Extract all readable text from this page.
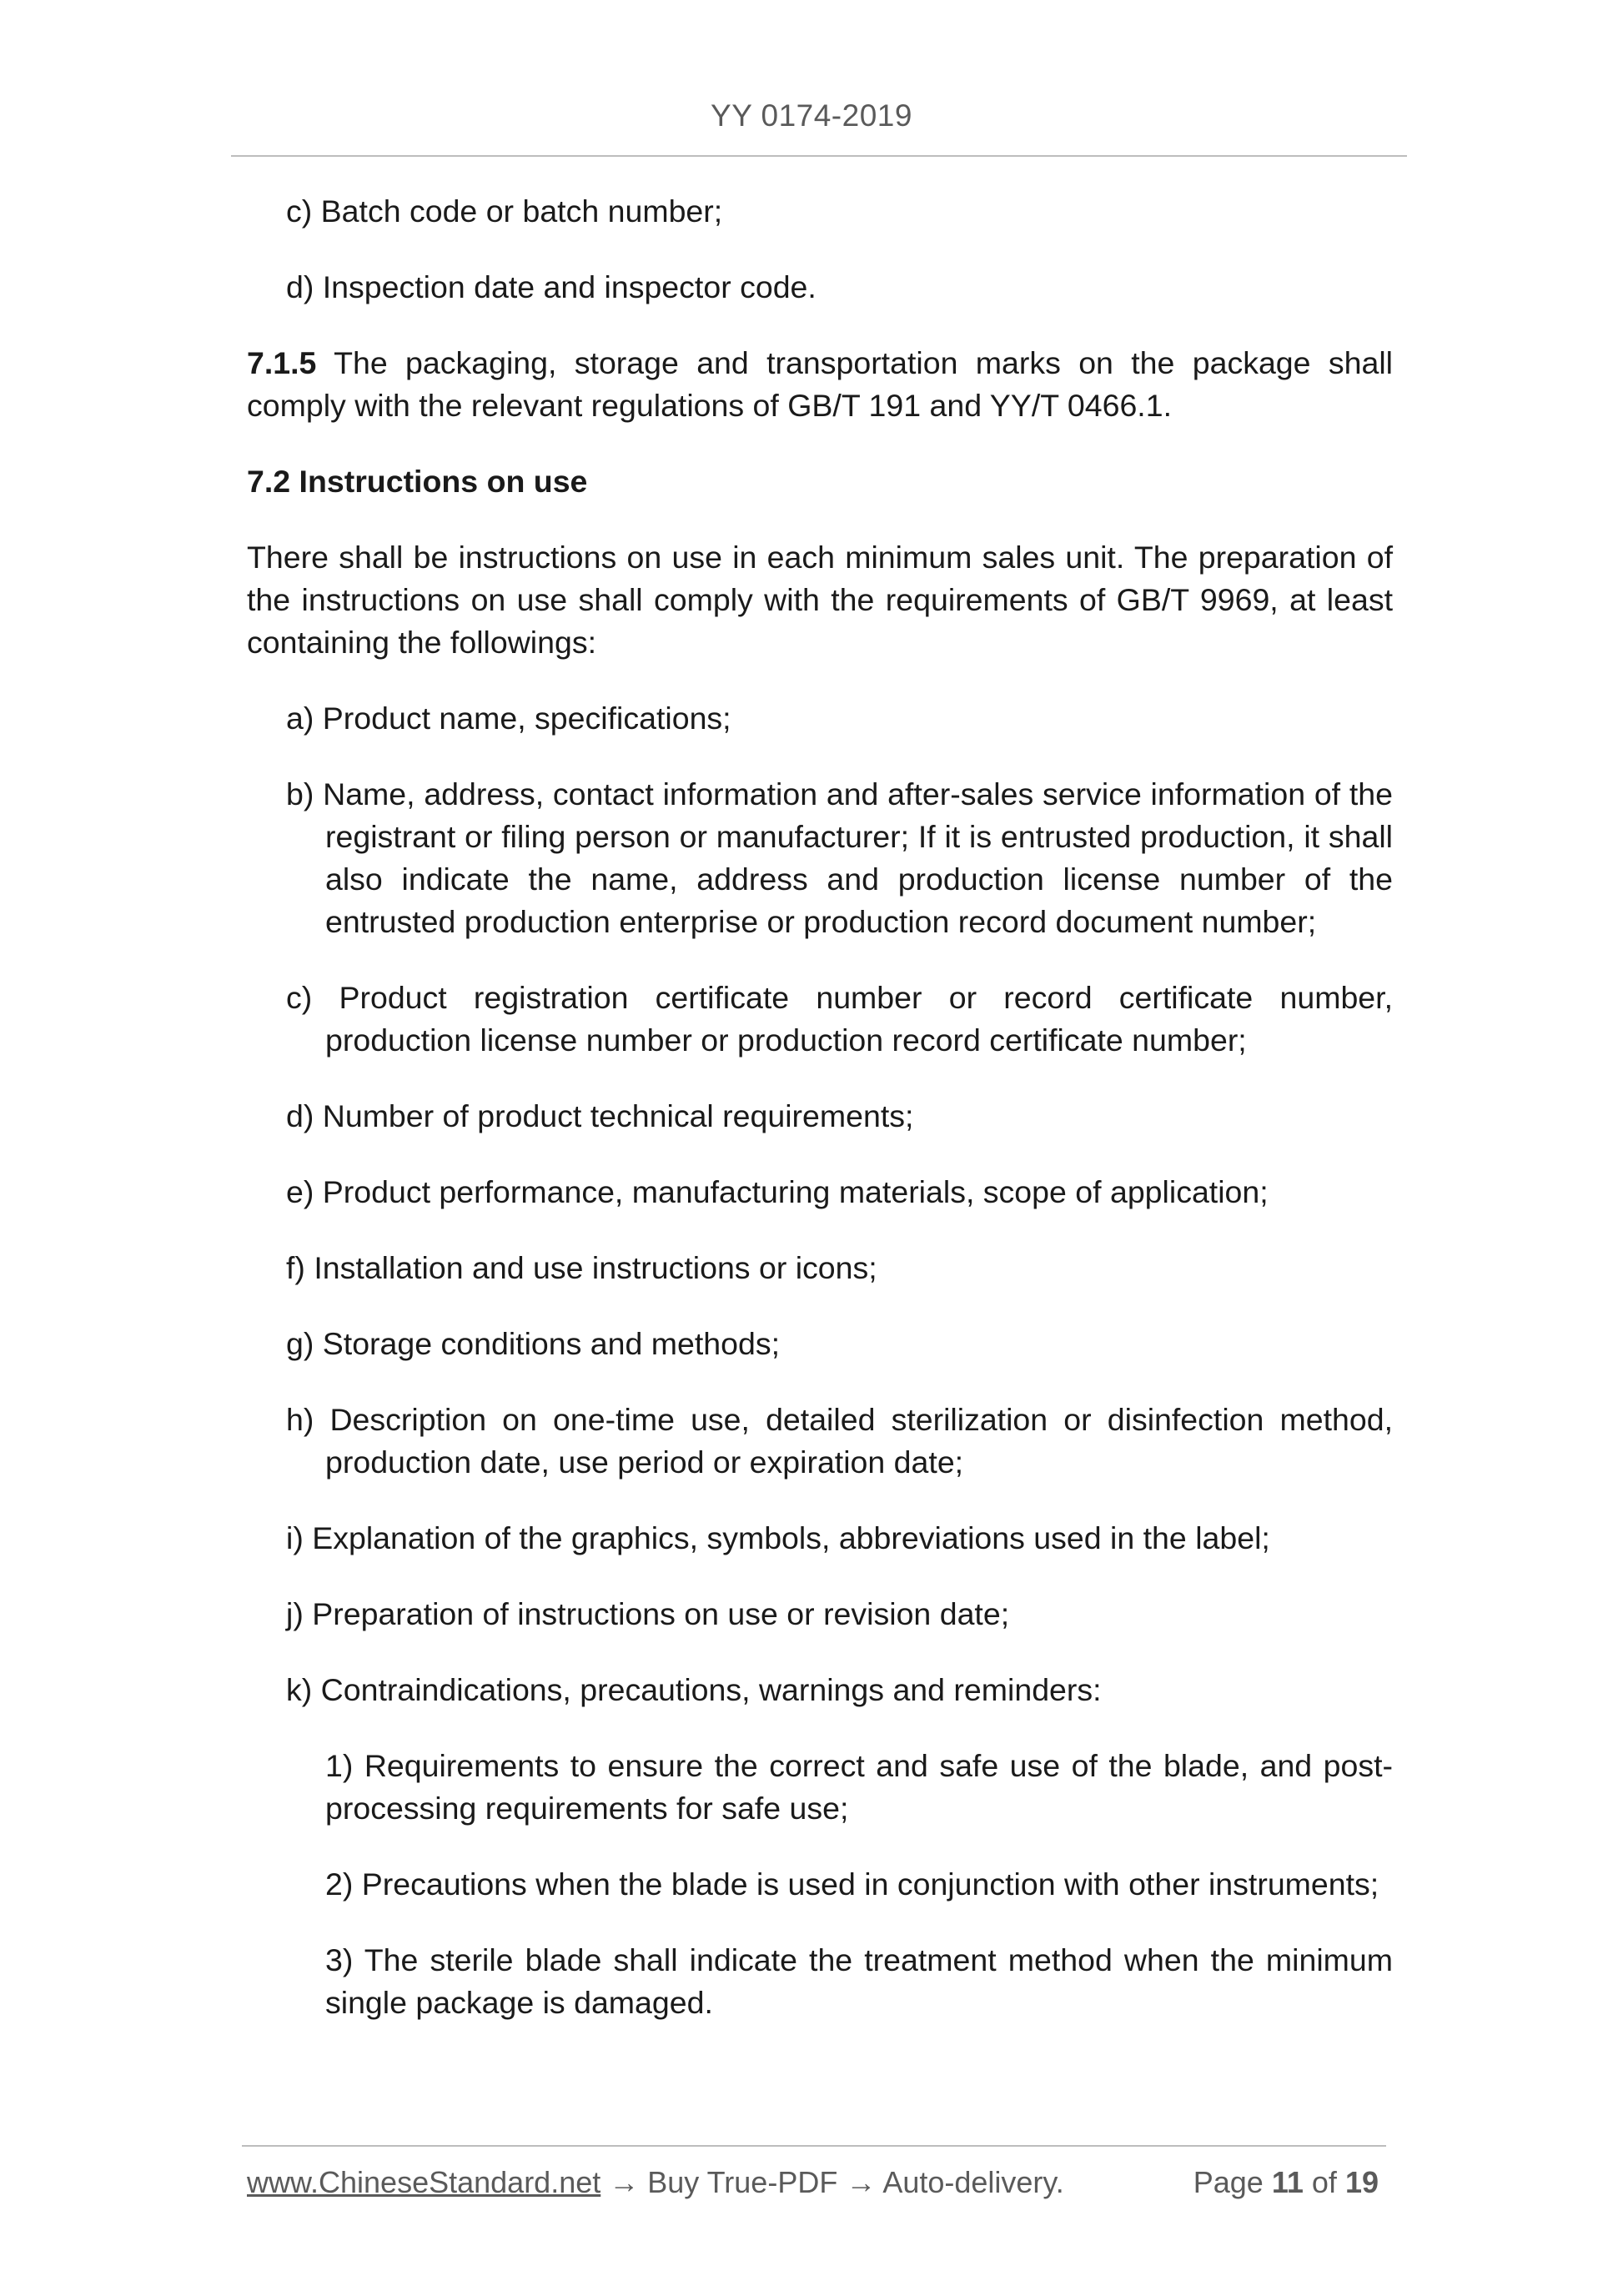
YY 0174-2019

c) Batch code or batch number;

d) Inspection date and inspector code.

7.1.5 The packaging, storage and transportation marks on the package shall comply with the relevant regulations of GB/T 191 and YY/T 0466.1.

7.2 Instructions on use

There shall be instructions on use in each minimum sales unit. The preparation of the instructions on use shall comply with the requirements of GB/T 9969, at least containing the followings:

a) Product name, specifications;

b) Name, address, contact information and after-sales service information of the registrant or filing person or manufacturer; If it is entrusted production, it shall also indicate the name, address and production license number of the entrusted production enterprise or production record document number;

c) Product registration certificate number or record certificate number, production license number or production record certificate number;

d) Number of product technical requirements;

e) Product performance, manufacturing materials, scope of application;

f) Installation and use instructions or icons;

g) Storage conditions and methods;

h) Description on one-time use, detailed sterilization or disinfection method, production date, use period or expiration date;

i) Explanation of the graphics, symbols, abbreviations used in the label;

j) Preparation of instructions on use or revision date;

k) Contraindications, precautions, warnings and reminders:

1) Requirements to ensure the correct and safe use of the blade, and post-processing requirements for safe use;

2) Precautions when the blade is used in conjunction with other instruments;

3) The sterile blade shall indicate the treatment method when the minimum single package is damaged.

www.ChineseStandard.net → Buy True-PDF → Auto-delivery.	Page 11 of 19
